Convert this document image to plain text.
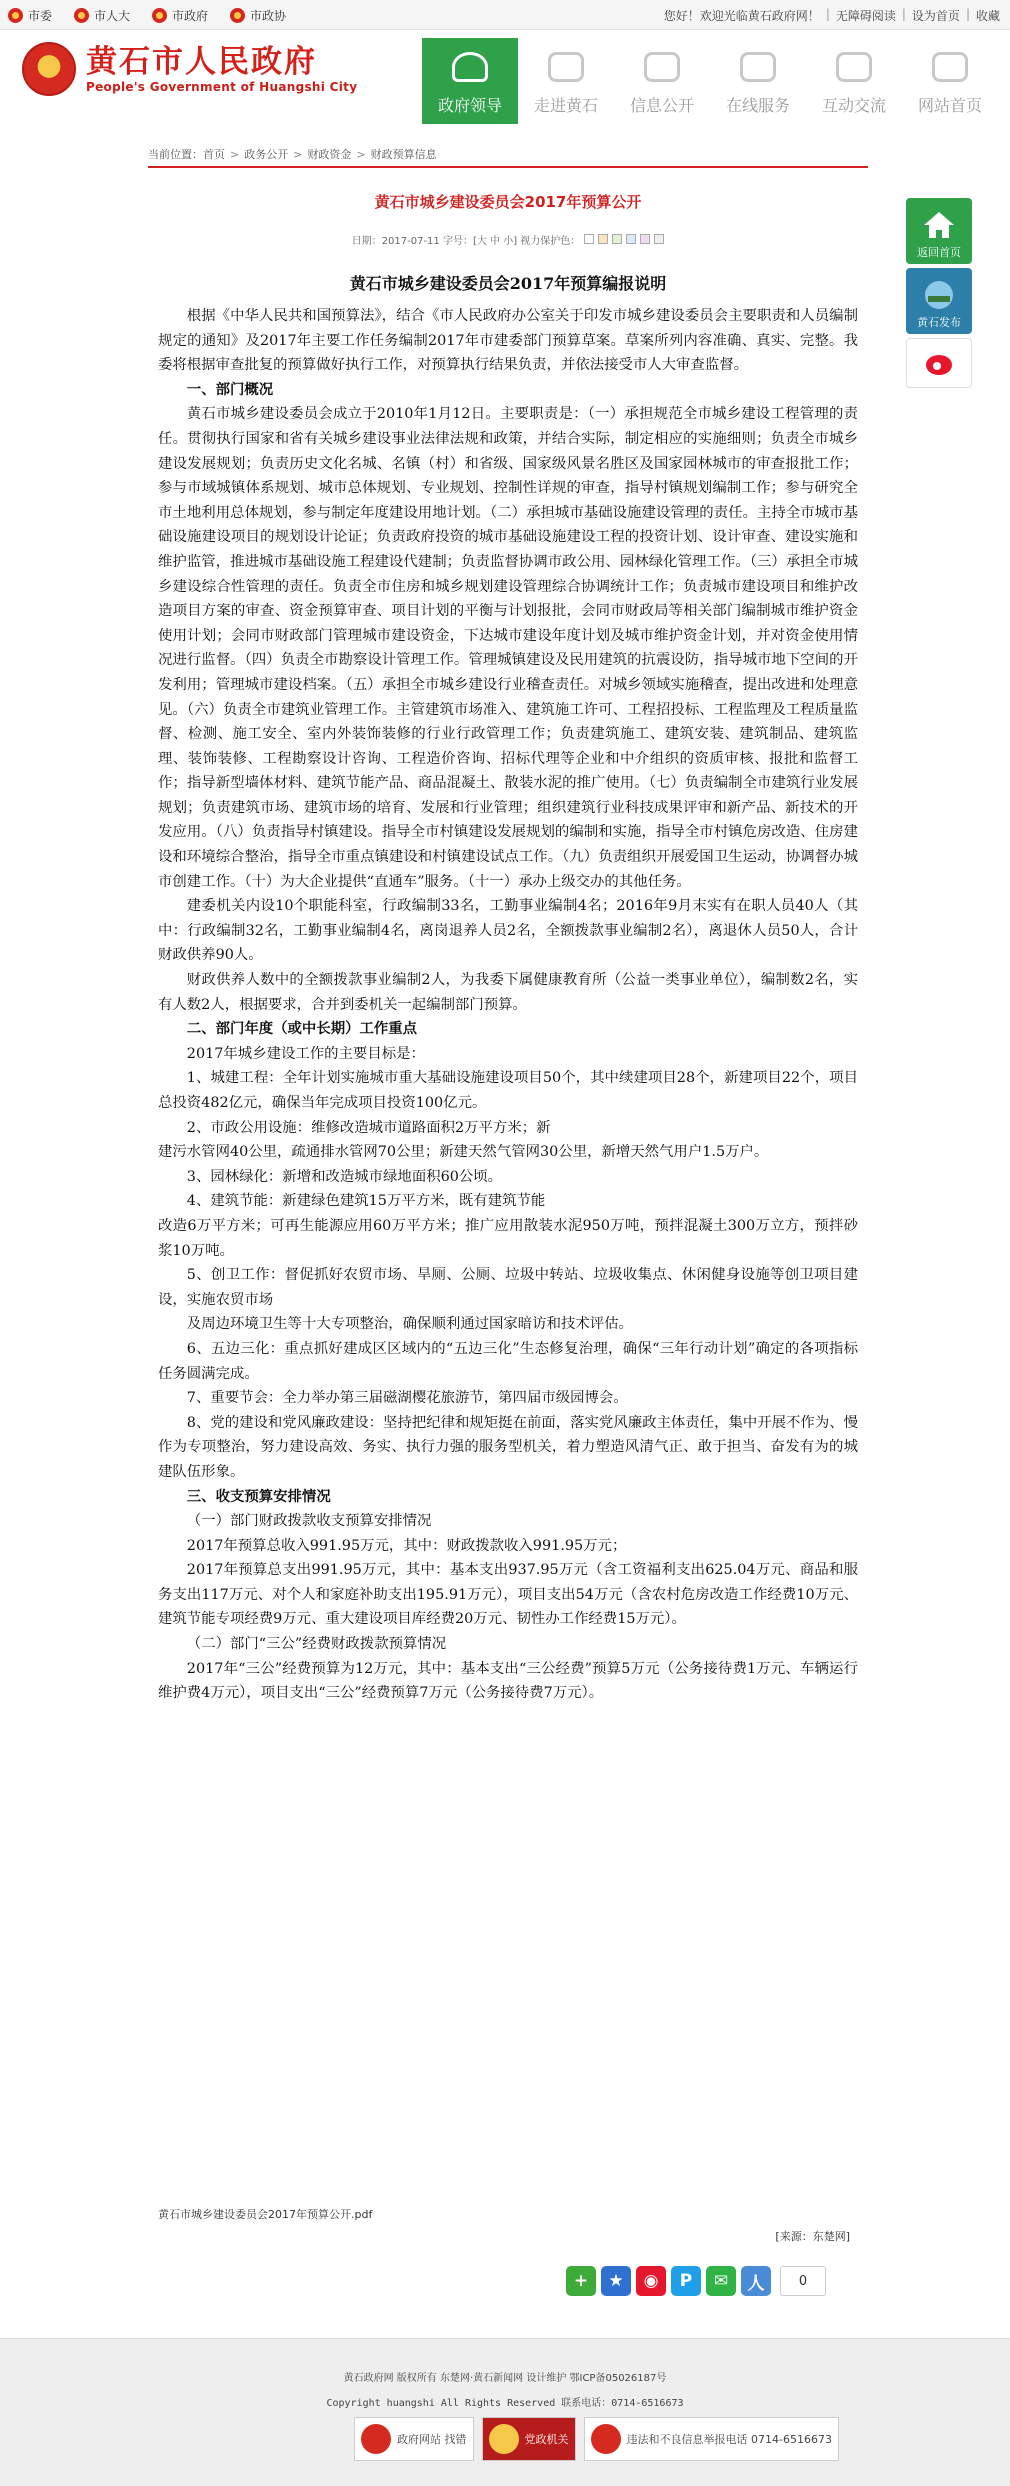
市委	市人大	市政府	市政协	您好！欢迎光临黄石政府网！ | 无障碍阅读 | 设为首页 | 收藏
黄石市人民政府
People's Government of Huangshi City
政府领导 走进黄石 信息公开 在线服务 互动交流 网站首页
当前位置：首页 > 政务公开 > 财政资金 > 财政预算信息
黄石市城乡建设委员会2017年预算公开
日期：2017-07-11 字号：[大 中 小] 视力保护色：
黄石市城乡建设委员会2017年预算编报说明

根据《中华人民共和国预算法》，结合《市人民政府办公室关于印发市城乡建设委员会主要职责和人员编制规定的通知》及2017年主要工作任务编制2017年市建委部门预算草案。草案所列内容准确、真实、完整。我委将根据审查批复的预算做好执行工作，对预算执行结果负责，并依法接受市人大审查监督。

一、部门概况

黄石市城乡建设委员会成立于2010年1月12日。主要职责是：（一）承担规范全市城乡建设工程管理的责任。贯彻执行国家和省有关城乡建设事业法律法规和政策，并结合实际，制定相应的实施细则；负责全市城乡建设发展规划；负责历史文化名城、名镇（村）和省级、国家级风景名胜区及国家园林城市的审查报批工作；参与市域城镇体系规划、城市总体规划、专业规划、控制性详规的审查，指导村镇规划编制工作；参与研究全市土地利用总体规划，参与制定年度建设用地计划。（二）承担城市基础设施建设管理的责任。主持全市城市基础设施建设项目的规划设计论证；负责政府投资的城市基础设施建设工程的投资计划、设计审查、建设实施和维护监管，推进城市基础设施工程建设代建制；负责监督协调市政公用、园林绿化管理工作。（三）承担全市城乡建设综合性管理的责任。负责全市住房和城乡规划建设管理综合协调统计工作；负责城市建设项目和维护改造项目方案的审查、资金预算审查、项目计划的平衡与计划报批，会同市财政局等相关部门编制城市维护资金使用计划；会同市财政部门管理城市建设资金，下达城市建设年度计划及城市维护资金计划，并对资金使用情况进行监督。（四）负责全市勘察设计管理工作。管理城镇建设及民用建筑的抗震设防，指导城市地下空间的开发利用；管理城市建设档案。（五）承担全市城乡建设行业稽查责任。对城乡领域实施稽查，提出改进和处理意见。（六）负责全市建筑业管理工作。主管建筑市场准入、建筑施工许可、工程招投标、工程监理及工程质量监督、检测、施工安全、室内外装饰装修的行业行政管理工作；负责建筑施工、建筑安装、建筑制品、建筑监理、装饰装修、工程勘察设计咨询、工程造价咨询、招标代理等企业和中介组织的资质审核、报批和监督工作；指导新型墙体材料、建筑节能产品、商品混凝土、散装水泥的推广使用。（七）负责编制全市建筑行业发展规划；负责建筑市场、建筑市场的培育、发展和行业管理；组织建筑行业科技成果评审和新产品、新技术的开发应用。（八）负责指导村镇建设。指导全市村镇建设发展规划的编制和实施，指导全市村镇危房改造、住房建设和环境综合整治，指导全市重点镇建设和村镇建设试点工作。（九）负责组织开展爱国卫生运动，协调督办城市创建工作。（十）为大企业提供“直通车”服务。（十一）承办上级交办的其他任务。

建委机关内设10个职能科室，行政编制33名，工勤事业编制4名；2016年9月末实有在职人员40人（其中：行政编制32名，工勤事业编制4名，离岗退养人员2名，全额拨款事业编制2名），离退休人员50人，合计财政供养90人。

财政供养人数中的全额拨款事业编制2人，为我委下属健康教育所（公益一类事业单位），编制数2名，实有人数2人，根据要求，合并到委机关一起编制部门预算。

二、部门年度（或中长期）工作重点

2017年城乡建设工作的主要目标是：

1、城建工程：全年计划实施城市重大基础设施建设项目50个，其中续建项目28个，新建项目22个，项目总投资482亿元，确保当年完成项目投资100亿元。

2、市政公用设施：维修改造城市道路面积2万平方米；新

建污水管网40公里，疏通排水管网70公里；新建天然气管网30公里，新增天然气用户1.5万户。

3、园林绿化：新增和改造城市绿地面积60公顷。

4、建筑节能：新建绿色建筑15万平方米，既有建筑节能

改造6万平方米；可再生能源应用60万平方米；推广应用散装水泥950万吨，预拌混凝土300万立方，预拌砂浆10万吨。

5、创卫工作：督促抓好农贸市场、旱厕、公厕、垃圾中转站、垃圾收集点、休闲健身设施等创卫项目建设，实施农贸市场

及周边环境卫生等十大专项整治，确保顺利通过国家暗访和技术评估。

6、五边三化：重点抓好建成区区域内的“五边三化”生态修复治理，确保“三年行动计划”确定的各项指标任务圆满完成。

7、重要节会：全力举办第三届磁湖樱花旅游节，第四届市级园博会。

8、党的建设和党风廉政建设：坚持把纪律和规矩挺在前面，落实党风廉政主体责任，集中开展不作为、慢作为专项整治，努力建设高效、务实、执行力强的服务型机关，着力塑造风清气正、敢于担当、奋发有为的城建队伍形象。

三、收支预算安排情况

（一）部门财政拨款收支预算安排情况

2017年预算总收入991.95万元，其中：财政拨款收入991.95万元；

2017年预算总支出991.95万元，其中：基本支出937.95万元（含工资福利支出625.04万元、商品和服务支出117万元、对个人和家庭补助支出195.91万元），项目支出54万元（含农村危房改造工作经费10万元、建筑节能专项经费9万元、重大建设项目库经费20万元、韧性办工作经费15万元）。

（二）部门“三公”经费财政拨款预算情况

2017年“三公”经费预算为12万元，其中：基本支出“三公经费”预算5万元（公务接待费1万元、车辆运行维护费4万元），项目支出“三公”经费预算7万元（公务接待费7万元）。

黄石市城乡建设委员会2017年预算公开.pdf
[来源：东楚网]
+	★	◉	P	✉	人	0
返回首页
黄石发布
黄石政府网 版权所有 东楚网·黄石新闻网 设计维护 鄂ICP备05026187号
Copyright huangshi All Rights Reserved 联系电话：0714-6516673
政府网站 找错	党政机关	违法和不良信息举报电话 0714-6516673
